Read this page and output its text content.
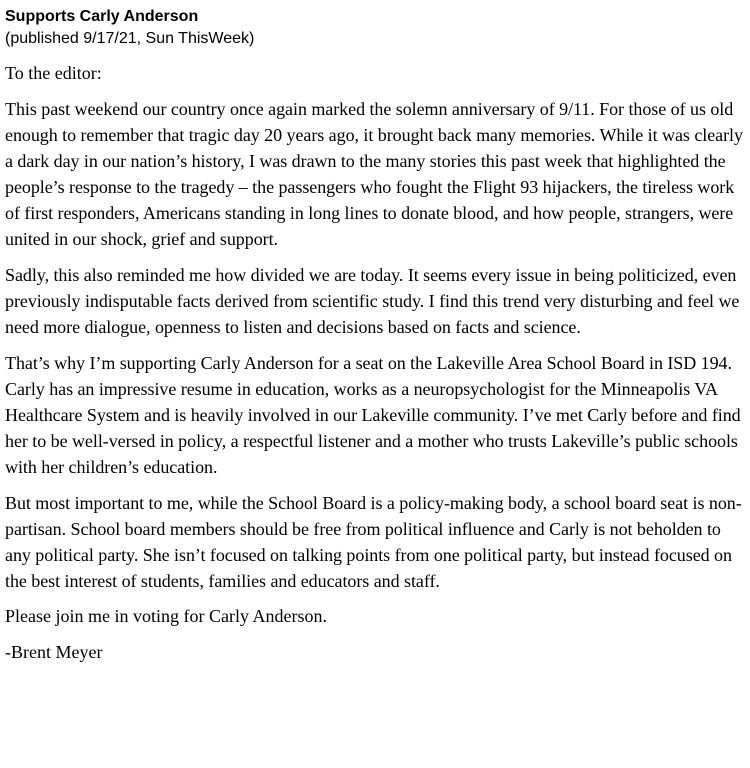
Supports Carly Anderson

(published 9/17/21, Sun ThisWeek)

To the editor:

This past weekend our country once again marked the solemn anniversary of 9/11. For those of us old enough to remember that tragic day 20 years ago, it brought back many memories. While it was clearly a dark day in our nation’s history, I was drawn to the many stories this past week that highlighted the people’s response to the tragedy – the passengers who fought the Flight 93 hijackers, the tireless work of first responders, Americans standing in long lines to donate blood, and how people, strangers, were united in our shock, grief and support.

Sadly, this also reminded me how divided we are today. It seems every issue in being politicized, even previously indisputable facts derived from scientific study. I find this trend very disturbing and feel we need more dialogue, openness to listen and decisions based on facts and science.

That’s why I’m supporting Carly Anderson for a seat on the Lakeville Area School Board in ISD 194. Carly has an impressive resume in education, works as a neuropsychologist for the Minneapolis VA Healthcare System and is heavily involved in our Lakeville community. I’ve met Carly before and find her to be well-versed in policy, a respectful listener and a mother who trusts Lakeville’s public schools with her children’s education.

But most important to me, while the School Board is a policy-making body, a school board seat is non-partisan. School board members should be free from political influence and Carly is not beholden to any political party. She isn’t focused on talking points from one political party, but instead focused on the best interest of students, families and educators and staff.

Please join me in voting for Carly Anderson.

-Brent Meyer
